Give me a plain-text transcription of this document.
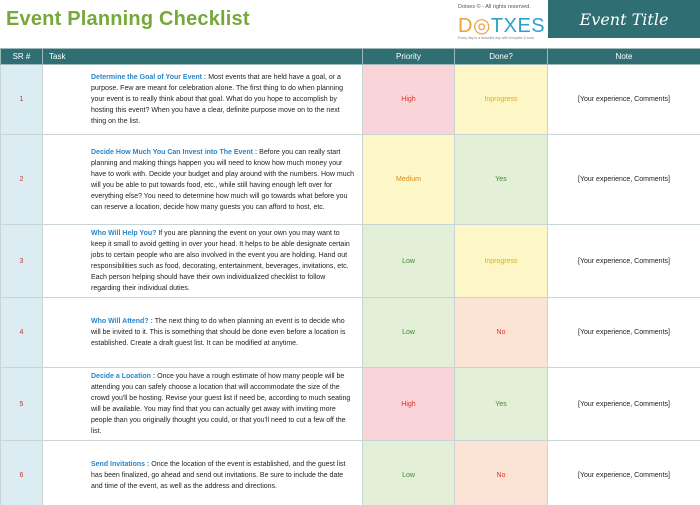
Event Planning Checklist
Dotxes © - All rights reserved.
D◎TXES
Every day is a beautiful day with template & tools
Event Title
SR #	Task	Priority	Done?	Note
1	Determine the Goal of Your Event : Most events that are held have a goal, or a purpose. Few are meant for celebration alone. The first thing to do when planning your event is to really think about that goal. What do you hope to accomplish by hosting this event? When you have a clear, definite purpose move on to the next thing on the list.	High	Inprogress	[Your experience, Comments]
2	Decide How Much You Can Invest into The Event : Before you can really start planning and making things happen you will need to know how much money your have to work with. Decide your budget and play around with the numbers. How much will you be able to put towards food, etc., while still having enough left over for everything else? You need to determine how much will go towards what before you can reserve a location, decide how many guests you can afford to host, etc.	Medium	Yes	[Your experience, Comments]
3	Who Will Help You? If you are planning the event on your own you may want to keep it small to avoid getting in over your head. It helps to be able designate certain jobs to certain people who are also involved in the event you are holding. Hand out responsibilities such as food, decorating, entertainment, beverages, invitations, etc. Each person helping should have their own individualized checklist to follow regarding their individual duties.	Low	Inprogress	[Your experience, Comments]
4	Who Will Attend? : The next thing to do when planning an event is to decide who will be invited to it. This is something that should be done even before a location is established. Create a draft guest list. It can be modified at anytime.	Low	No	[Your experience, Comments]
5	Decide a Location : Once you have a rough estimate of how many people will be attending you can safely choose a location that will accommodate the size of the crowd you'll be hosting. Revise your guest list if need be, according to much seating will be available. You may find that you can actually get away with inviting more people than you originally thought you could, or that you'll need to cut a few off the list.	High	Yes	[Your experience, Comments]
6	Send Invitations : Once the location of the event is established, and the guest list has been finalized, go ahead and send out invitations. Be sure to include the date and time of the event, as well as the address and directions.	Low	No	[Your experience, Comments]
